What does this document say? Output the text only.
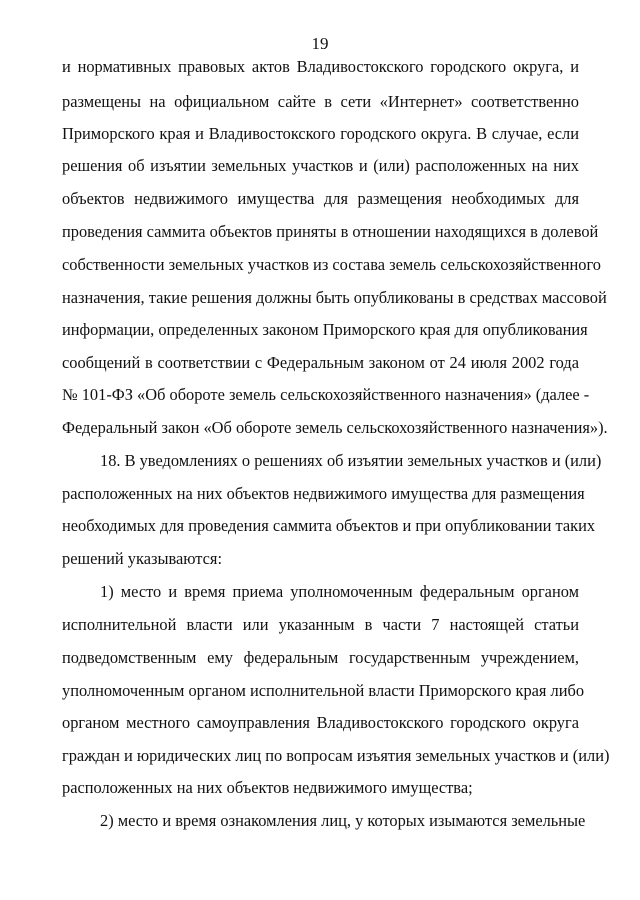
19
и нормативных правовых актов Владивостокского городского округа, и
размещены на официальном сайте в сети «Интернет» соответственно
Приморского края и Владивостокского городского округа. В случае, если
решения об изъятии земельных участков и (или) расположенных на них
объектов недвижимого имущества для размещения необходимых для
проведения саммита объектов приняты в отношении находящихся в долевой
собственности земельных участков из состава земель сельскохозяйственного
назначения, такие решения должны быть опубликованы в средствах массовой
информации, определенных законом Приморского края для опубликования
сообщений в соответствии с Федеральным законом от 24 июля 2002 года
№ 101-ФЗ «Об обороте земель сельскохозяйственного назначения» (далее -
Федеральный закон «Об обороте земель сельскохозяйственного назначения»).
18. В уведомлениях о решениях об изъятии земельных участков и (или)
расположенных на них объектов недвижимого имущества для размещения
необходимых для проведения саммита объектов и при опубликовании таких
решений указываются:
1) место и время приема уполномоченным федеральным органом
исполнительной власти или указанным в части 7 настоящей статьи
подведомственным ему федеральным государственным учреждением,
уполномоченным органом исполнительной власти Приморского края либо
органом местного самоуправления Владивостокского городского округа
граждан и юридических лиц по вопросам изъятия земельных участков и (или)
расположенных на них объектов недвижимого имущества;
2) место и время ознакомления лиц, у которых изымаются земельные
